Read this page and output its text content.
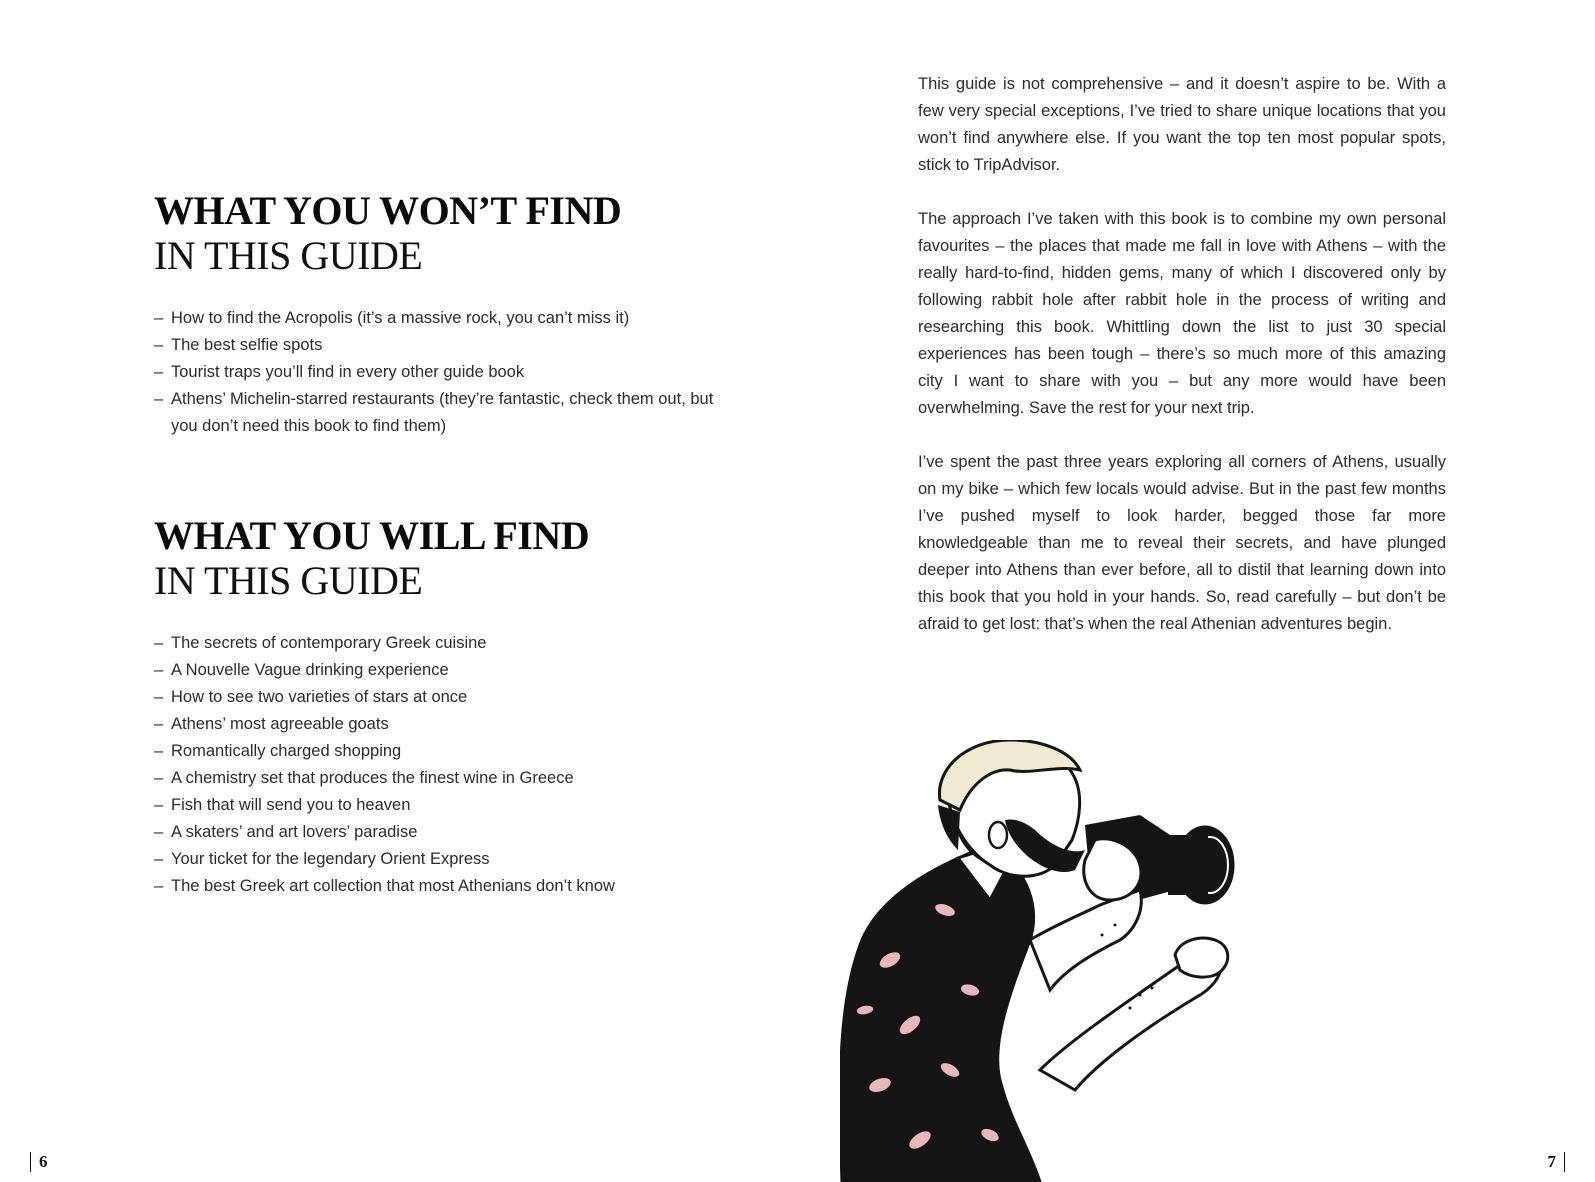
WHAT YOU WON’T FIND
IN THIS GUIDE
– How to find the Acropolis (it’s a massive rock, you can’t miss it)
– The best selfie spots
– Tourist traps you’ll find in every other guide book
– Athens’ Michelin-starred restaurants (they’re fantastic, check them out, but you don’t need this book to find them)
WHAT YOU WILL FIND
IN THIS GUIDE
– The secrets of contemporary Greek cuisine
– A Nouvelle Vague drinking experience
– How to see two varieties of stars at once
– Athens’ most agreeable goats
– Romantically charged shopping
– A chemistry set that produces the finest wine in Greece
– Fish that will send you to heaven
– A skaters’ and art lovers’ paradise
– Your ticket for the legendary Orient Express
– The best Greek art collection that most Athenians don’t know

This guide is not comprehensive – and it doesn’t aspire to be. With a few very special exceptions, I’ve tried to share unique locations that you won’t find anywhere else. If you want the top ten most popular spots, stick to TripAdvisor.

The approach I’ve taken with this book is to combine my own personal favourites – the places that made me fall in love with Athens – with the really hard-to-find, hidden gems, many of which I discovered only by following rabbit hole after rabbit hole in the process of writing and researching this book. Whittling down the list to just 30 special experiences has been tough – there’s so much more of this amazing city I want to share with you – but any more would have been overwhelming. Save the rest for your next trip.

I’ve spent the past three years exploring all corners of Athens, usually on my bike – which few locals would advise. But in the past few months I’ve pushed myself to look harder, begged those far more knowledgeable than me to reveal their secrets, and have plunged deeper into Athens than ever before, all to distil that learning down into this book that you hold in your hands. So, read carefully – but don’t be afraid to get lost: that’s when the real Athenian adventures begin.

6	7
